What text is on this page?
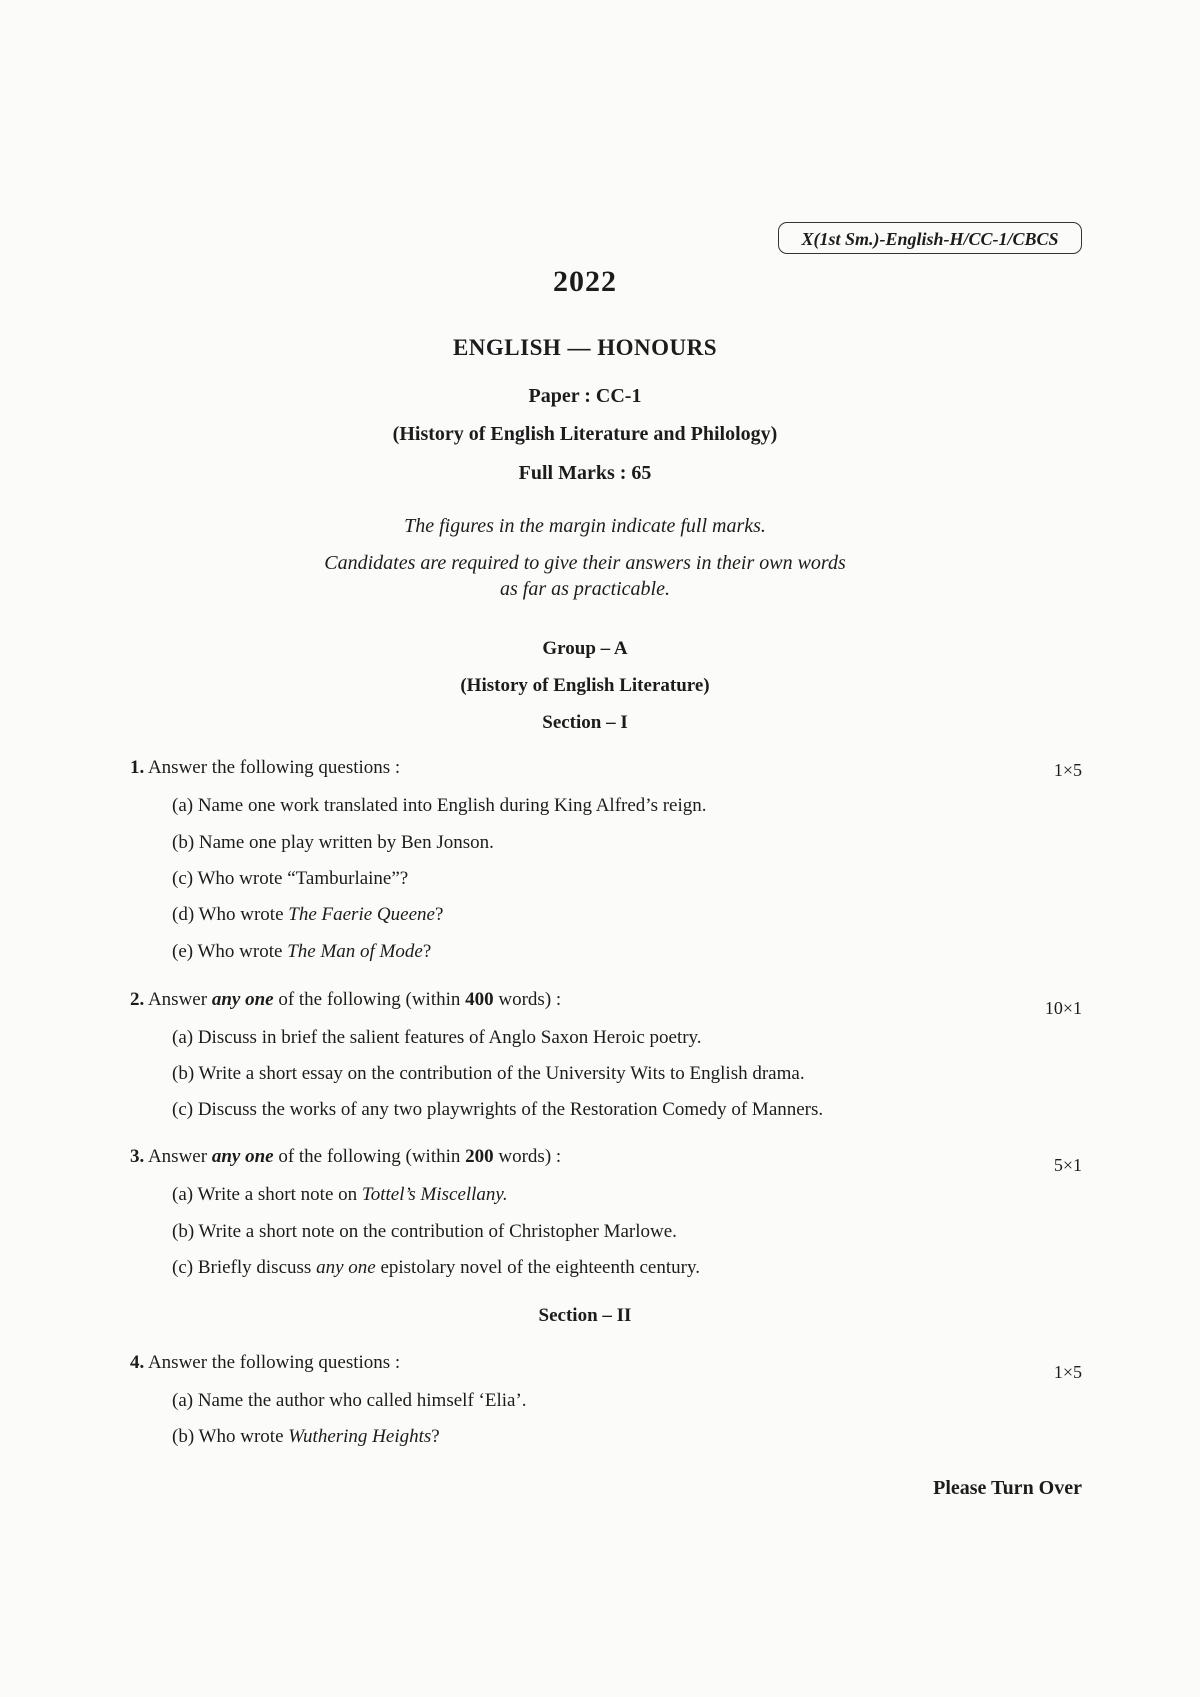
X(1st Sm.)-English-H/CC-1/CBCS
2022
ENGLISH — HONOURS
Paper : CC-1
(History of English Literature and Philology)
Full Marks : 65
The figures in the margin indicate full marks.
Candidates are required to give their answers in their own words
as far as practicable.
Group – A
(History of English Literature)
Section – I
1. Answer the following questions :	1×5
(a) Name one work translated into English during King Alfred’s reign.
(b) Name one play written by Ben Jonson.
(c) Who wrote “Tamburlaine”?
(d) Who wrote The Faerie Queene?
(e) Who wrote The Man of Mode?
2. Answer any one of the following (within 400 words) :	10×1
(a) Discuss in brief the salient features of Anglo Saxon Heroic poetry.
(b) Write a short essay on the contribution of the University Wits to English drama.
(c) Discuss the works of any two playwrights of the Restoration Comedy of Manners.
3. Answer any one of the following (within 200 words) :	5×1
(a) Write a short note on Tottel’s Miscellany.
(b) Write a short note on the contribution of Christopher Marlowe.
(c) Briefly discuss any one epistolary novel of the eighteenth century.
Section – II
4. Answer the following questions :	1×5
(a) Name the author who called himself ‘Elia’.
(b) Who wrote Wuthering Heights?
Please Turn Over
